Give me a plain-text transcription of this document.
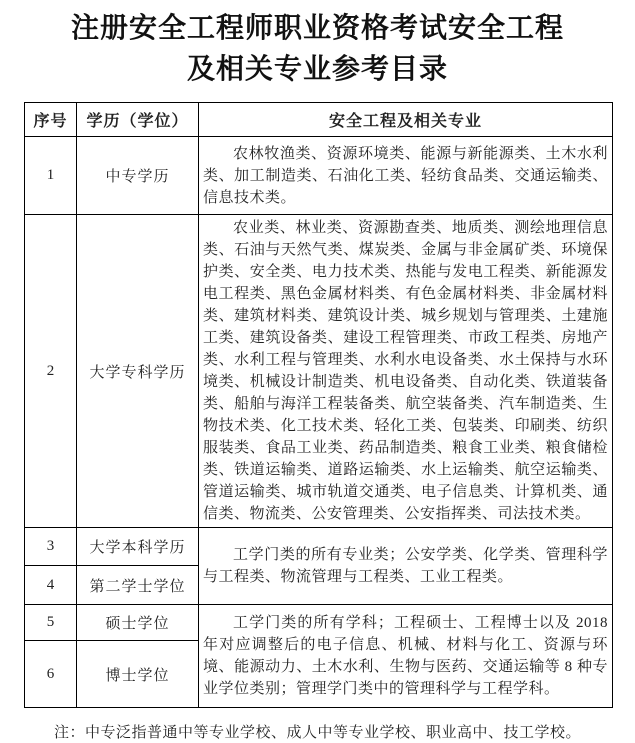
注册安全工程师职业资格考试安全工程
及相关专业参考目录
序号	学历（学位）	安全工程及相关专业
1	中专学历	农林牧渔类、资源环境类、能源与新能源类、土木水利类、加工制造类、石油化工类、轻纺食品类、交通运输类、信息技术类。
2	大学专科学历	农业类、林业类、资源勘查类、地质类、测绘地理信息类、石油与天然气类、煤炭类、金属与非金属矿类、环境保护类、安全类、电力技术类、热能与发电工程类、新能源发电工程类、黑色金属材料类、有色金属材料类、非金属材料类、建筑材料类、建筑设计类、城乡规划与管理类、土建施工类、建筑设备类、建设工程管理类、市政工程类、房地产类、水利工程与管理类、水利水电设备类、水土保持与水环境类、机械设计制造类、机电设备类、自动化类、铁道装备类、船舶与海洋工程装备类、航空装备类、汽车制造类、生物技术类、化工技术类、轻化工类、包装类、印刷类、纺织服装类、食品工业类、药品制造类、粮食工业类、粮食储检类、铁道运输类、道路运输类、水上运输类、航空运输类、管道运输类、城市轨道交通类、电子信息类、计算机类、通信类、物流类、公安管理类、公安指挥类、司法技术类。
3	大学本科学历	工学门类的所有专业类；公安学类、化学类、管理科学与工程类、物流管理与工程类、工业工程类。
4	第二学士学位	
5	硕士学位	工学门类的所有学科；工程硕士、工程博士以及 2018 年对应调整后的电子信息、机械、材料与化工、资源与环境、能源动力、土木水利、生物与医药、交通运输等 8 种专业学位类别；管理学门类中的管理科学与工程学科。
6	博士学位	
注：中专泛指普通中等专业学校、成人中等专业学校、职业高中、技工学校。
